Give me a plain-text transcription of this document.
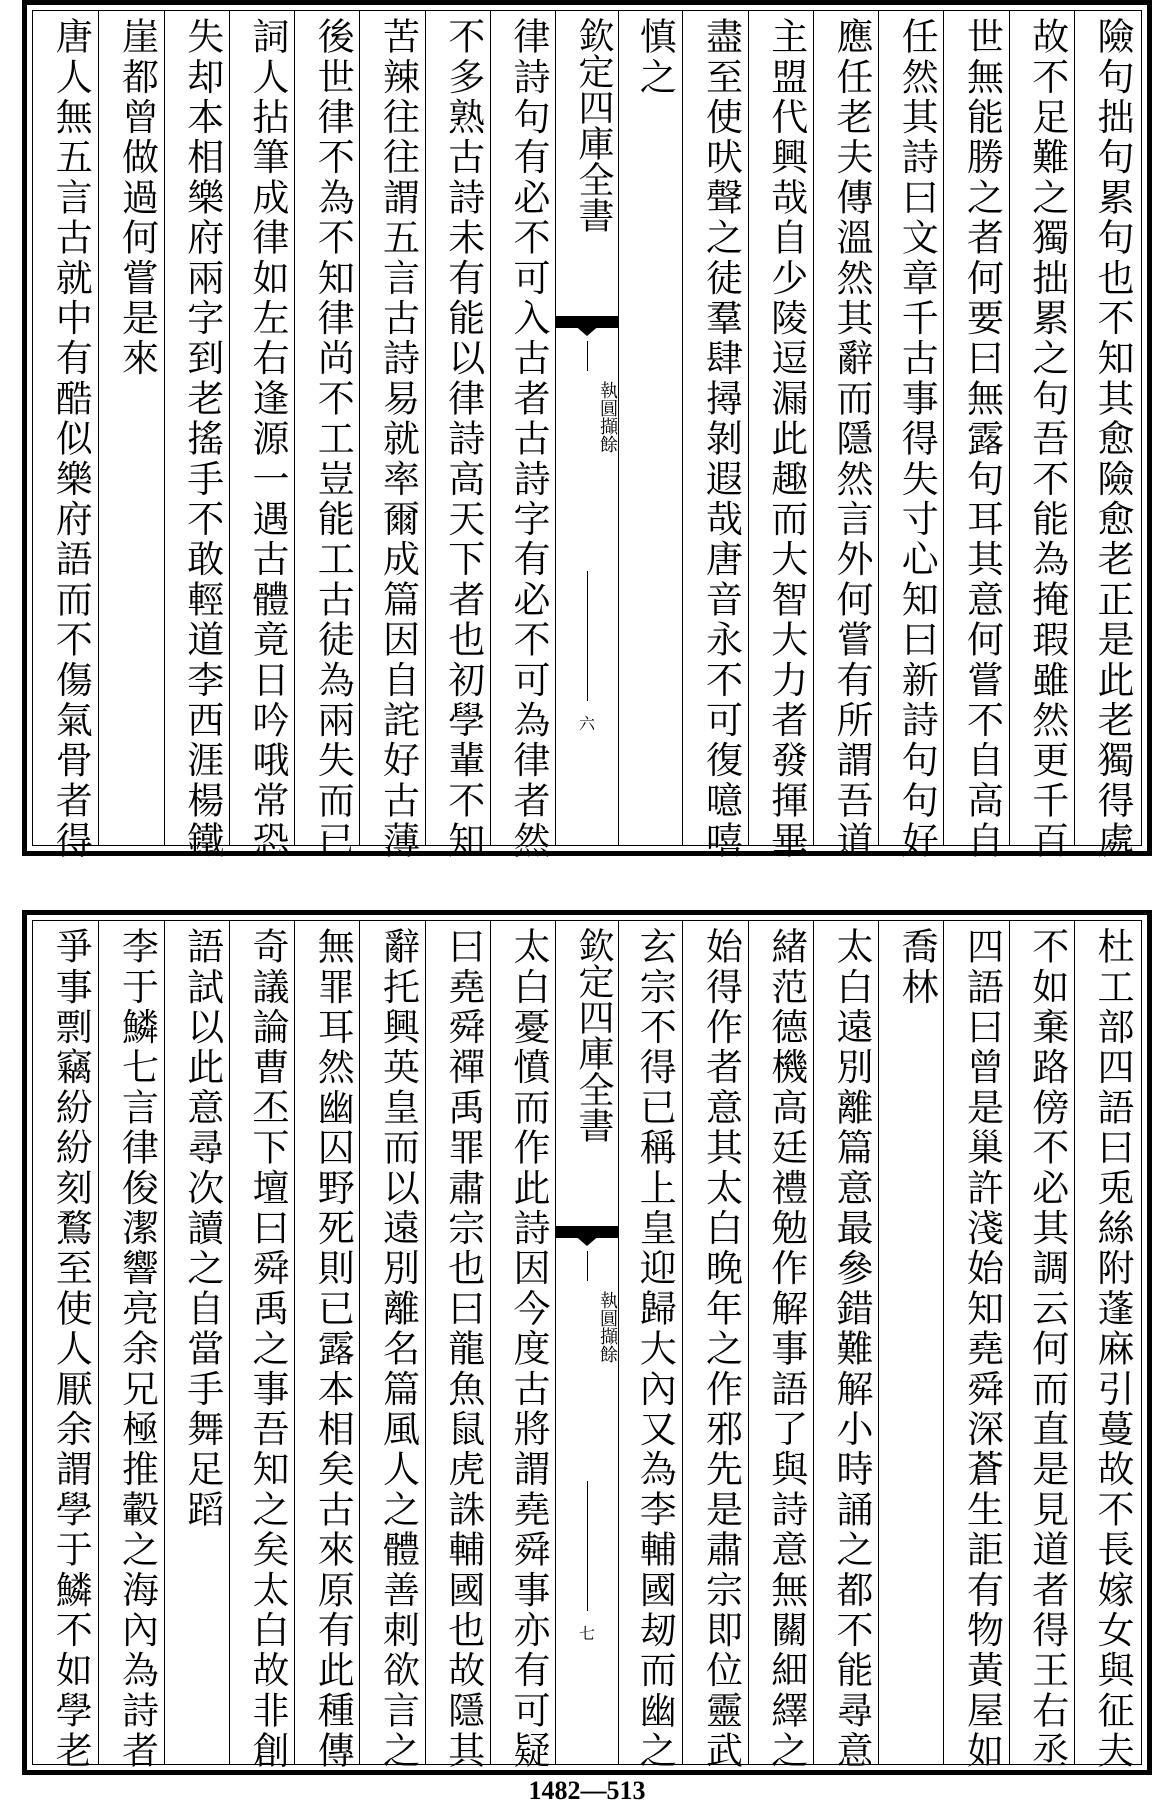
唐人無五言古就中有酷似樂府語而不傷氣骨者得 崖都曾做過何嘗是來 失却本相樂府兩字到老搖手不敢輕道李西涯楊鐵 詞人拈筆成律如左右逢源一遇古體竟日吟哦常恐 後世律不為不知律尚不工豈能工古徒為兩失而已 苦辣往往謂五言古詩易就率爾成篇因自詫好古薄 不多熟古詩未有能以律詩高天下者也初學輩不知 律詩句有必不可入古者古詩字有必不可為律者然 欽定四庫全書
執圓擷餘
六
慎之 盡至使吠聲之徒羣肆撏剝遐哉唐音永不可復噫嘻 主盟代興哉自少陵逗漏此趣而大智大力者發揮畢 應任老夫傳溫然其辭而隱然言外何嘗有所謂吾道 任然其詩曰文章千古事得失寸心知曰新詩句句好 世無能勝之者何要曰無露句耳其意何嘗不自高自 故不足難之獨拙累之句吾不能為掩瑕雖然更千百 險句拙句累句也不知其愈險愈老正是此老獨得處
爭事剽竊紛紛刻鶩至使人厭余謂學于鱗不如學老 李于鱗七言律俊潔響亮余兄極推轂之海內為詩者 語試以此意尋次讀之自當手舞足蹈 奇議論曹丕下壇曰舜禹之事吾知之矣太白故非創 無罪耳然幽囚野死則已露本相矣古來原有此種傳 辭托興英皇而以遠別離名篇風人之體善刺欲言之 曰堯舜禪禹罪肅宗也曰龍魚鼠虎誅輔國也故隱其 太白憂憤而作此詩因今度古將謂堯舜事亦有可疑 欽定四庫全書
執圓擷餘
七	玄宗不得已稱上皇迎歸大內又為李輔國刼而幽之 始得作者意其太白晚年之作邪先是肅宗即位靈武 緒范德機高廷禮勉作解事語了與詩意無關細繹之 太白遠別離篇意最參錯難解小時誦之都不能尋意 喬林 四語曰曾是巢許淺始知堯舜深蒼生詎有物黃屋如 不如棄路傍不必其調云何而直是見道者得王右丞 杜工部四語曰兎絲附蓬麻引蔓故不長嫁女與征夫
1482—513
